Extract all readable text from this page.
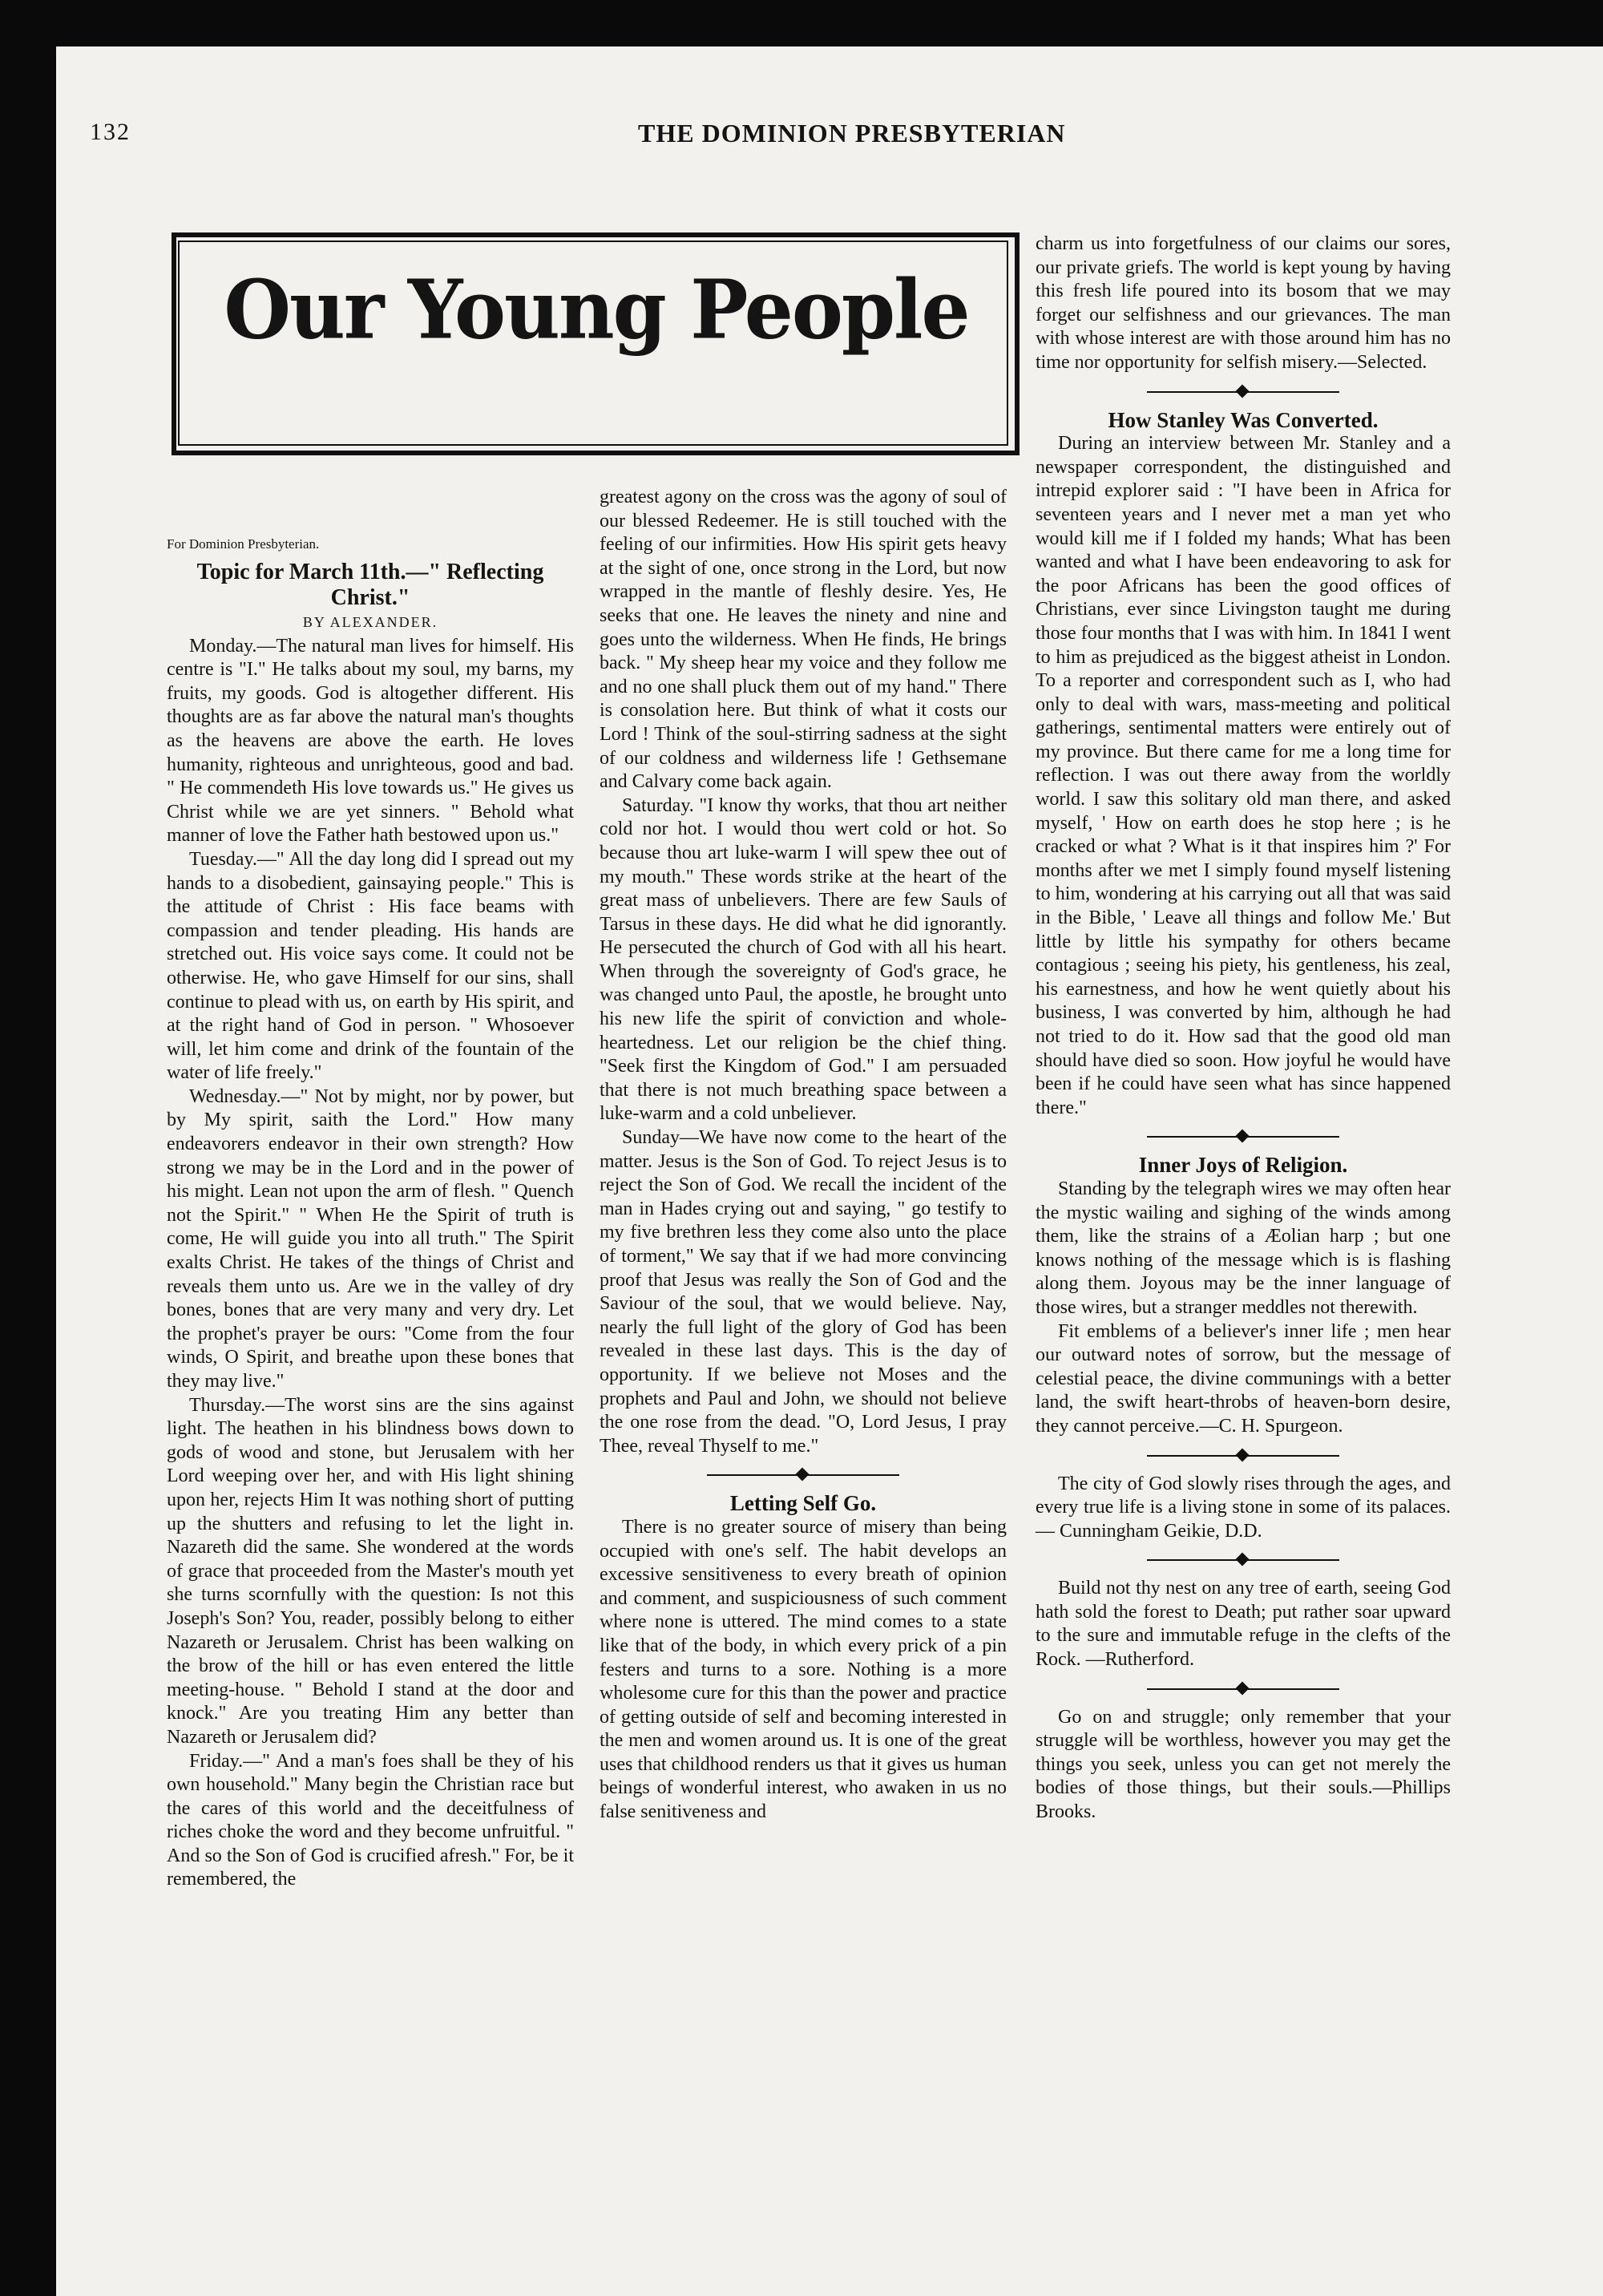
132	THE DOMINION PRESBYTERIAN
Our Young People

For Dominion Presbyterian.

Topic for March 11th.—" Reflecting Christ."

BY ALEXANDER.

Monday.—The natural man lives for himself. His centre is "I." He talks about my soul, my barns, my fruits, my goods. God is altogether different. His thoughts are as far above the natural man's thoughts as the heavens are above the earth. He loves humanity, righteous and unrighteous, good and bad. " He commendeth His love towards us." He gives us Christ while we are yet sinners. " Behold what manner of love the Father hath bestowed upon us."

Tuesday.—" All the day long did I spread out my hands to a disobedient, gainsaying people." This is the attitude of Christ : His face beams with compassion and tender pleading. His hands are stretched out. His voice says come. It could not be otherwise. He, who gave Himself for our sins, shall continue to plead with us, on earth by His spirit, and at the right hand of God in person. " Whosoever will, let him come and drink of the fountain of the water of life freely."

Wednesday.—" Not by might, nor by power, but by My spirit, saith the Lord." How many endeavorers endeavor in their own strength? How strong we may be in the Lord and in the power of his might. Lean not upon the arm of flesh. " Quench not the Spirit." " When He the Spirit of truth is come, He will guide you into all truth." The Spirit exalts Christ. He takes of the things of Christ and reveals them unto us. Are we in the valley of dry bones, bones that are very many and very dry. Let the prophet's prayer be ours: "Come from the four winds, O Spirit, and breathe upon these bones that they may live."

Thursday.—The worst sins are the sins against light. The heathen in his blindness bows down to gods of wood and stone, but Jerusalem with her Lord weeping over her, and with His light shining upon her, rejects Him It was nothing short of putting up the shutters and refusing to let the light in. Nazareth did the same. She wondered at the words of grace that proceeded from the Master's mouth yet she turns scornfully with the question: Is not this Joseph's Son? You, reader, possibly belong to either Nazareth or Jerusalem. Christ has been walking on the brow of the hill or has even entered the little meeting-house. " Behold I stand at the door and knock." Are you treating Him any better than Nazareth or Jerusalem did?

Friday.—" And a man's foes shall be they of his own household." Many begin the Christian race but the cares of this world and the deceitfulness of riches choke the word and they become unfruitful. " And so the Son of God is crucified afresh." For, be it remembered, the

greatest agony on the cross was the agony of soul of our blessed Redeemer. He is still touched with the feeling of our infirmities. How His spirit gets heavy at the sight of one, once strong in the Lord, but now wrapped in the mantle of fleshly desire. Yes, He seeks that one. He leaves the ninety and nine and goes unto the wilderness. When He finds, He brings back. " My sheep hear my voice and they follow me and no one shall pluck them out of my hand." There is consolation here. But think of what it costs our Lord ! Think of the soul-stirring sadness at the sight of our coldness and wilderness life ! Gethsemane and Calvary come back again.

Saturday. "I know thy works, that thou art neither cold nor hot. I would thou wert cold or hot. So because thou art luke-warm I will spew thee out of my mouth." These words strike at the heart of the great mass of unbelievers. There are few Sauls of Tarsus in these days. He did what he did ignorantly. He persecuted the church of God with all his heart. When through the sovereignty of God's grace, he was changed unto Paul, the apostle, he brought unto his new life the spirit of conviction and whole-heartedness. Let our religion be the chief thing. "Seek first the Kingdom of God." I am persuaded that there is not much breathing space between a luke-warm and a cold unbeliever.

Sunday—We have now come to the heart of the matter. Jesus is the Son of God. To reject Jesus is to reject the Son of God. We recall the incident of the man in Hades crying out and saying, " go testify to my five brethren less they come also unto the place of torment," We say that if we had more convincing proof that Jesus was really the Son of God and the Saviour of the soul, that we would believe. Nay, nearly the full light of the glory of God has been revealed in these last days. This is the day of opportunity. If we believe not Moses and the prophets and Paul and John, we should not believe the one rose from the dead. "O, Lord Jesus, I pray Thee, reveal Thyself to me."

Letting Self Go.

There is no greater source of misery than being occupied with one's self. The habit develops an excessive sensitiveness to every breath of opinion and comment, and suspiciousness of such comment where none is uttered. The mind comes to a state like that of the body, in which every prick of a pin festers and turns to a sore. Nothing is a more wholesome cure for this than the power and practice of getting outside of self and becoming interested in the men and women around us. It is one of the great uses that childhood renders us that it gives us human beings of wonderful interest, who awaken in us no false senitiveness and

charm us into forgetfulness of our claims our sores, our private griefs. The world is kept young by having this fresh life poured into its bosom that we may forget our selfishness and our grievances. The man with whose interest are with those around him has no time nor opportunity for selfish misery.—Selected.

How Stanley Was Converted.

During an interview between Mr. Stanley and a newspaper correspondent, the distinguished and intrepid explorer said : "I have been in Africa for seventeen years and I never met a man yet who would kill me if I folded my hands; What has been wanted and what I have been endeavoring to ask for the poor Africans has been the good offices of Christians, ever since Livingston taught me during those four months that I was with him. In 1841 I went to him as prejudiced as the biggest atheist in London. To a reporter and correspondent such as I, who had only to deal with wars, mass-meeting and political gatherings, sentimental matters were entirely out of my province. But there came for me a long time for reflection. I was out there away from the worldly world. I saw this solitary old man there, and asked myself, ' How on earth does he stop here ; is he cracked or what ? What is it that inspires him ?' For months after we met I simply found myself listening to him, wondering at his carrying out all that was said in the Bible, ' Leave all things and follow Me.' But little by little his sympathy for others became contagious ; seeing his piety, his gentleness, his zeal, his earnestness, and how he went quietly about his business, I was converted by him, although he had not tried to do it. How sad that the good old man should have died so soon. How joyful he would have been if he could have seen what has since happened there."

Inner Joys of Religion.

Standing by the telegraph wires we may often hear the mystic wailing and sighing of the winds among them, like the strains of a Æolian harp ; but one knows nothing of the message which is is flashing along them. Joyous may be the inner language of those wires, but a stranger meddles not therewith.

Fit emblems of a believer's inner life ; men hear our outward notes of sorrow, but the message of celestial peace, the divine communings with a better land, the swift heart-throbs of heaven-born desire, they cannot perceive.—C. H. Spurgeon.

The city of God slowly rises through the ages, and every true life is a living stone in some of its palaces.— Cunningham Geikie, D.D.

Build not thy nest on any tree of earth, seeing God hath sold the forest to Death; put rather soar upward to the sure and immutable refuge in the clefts of the Rock. —Rutherford.

Go on and struggle; only remember that your struggle will be worthless, however you may get the things you seek, unless you can get not merely the bodies of those things, but their souls.—Phillips Brooks.
